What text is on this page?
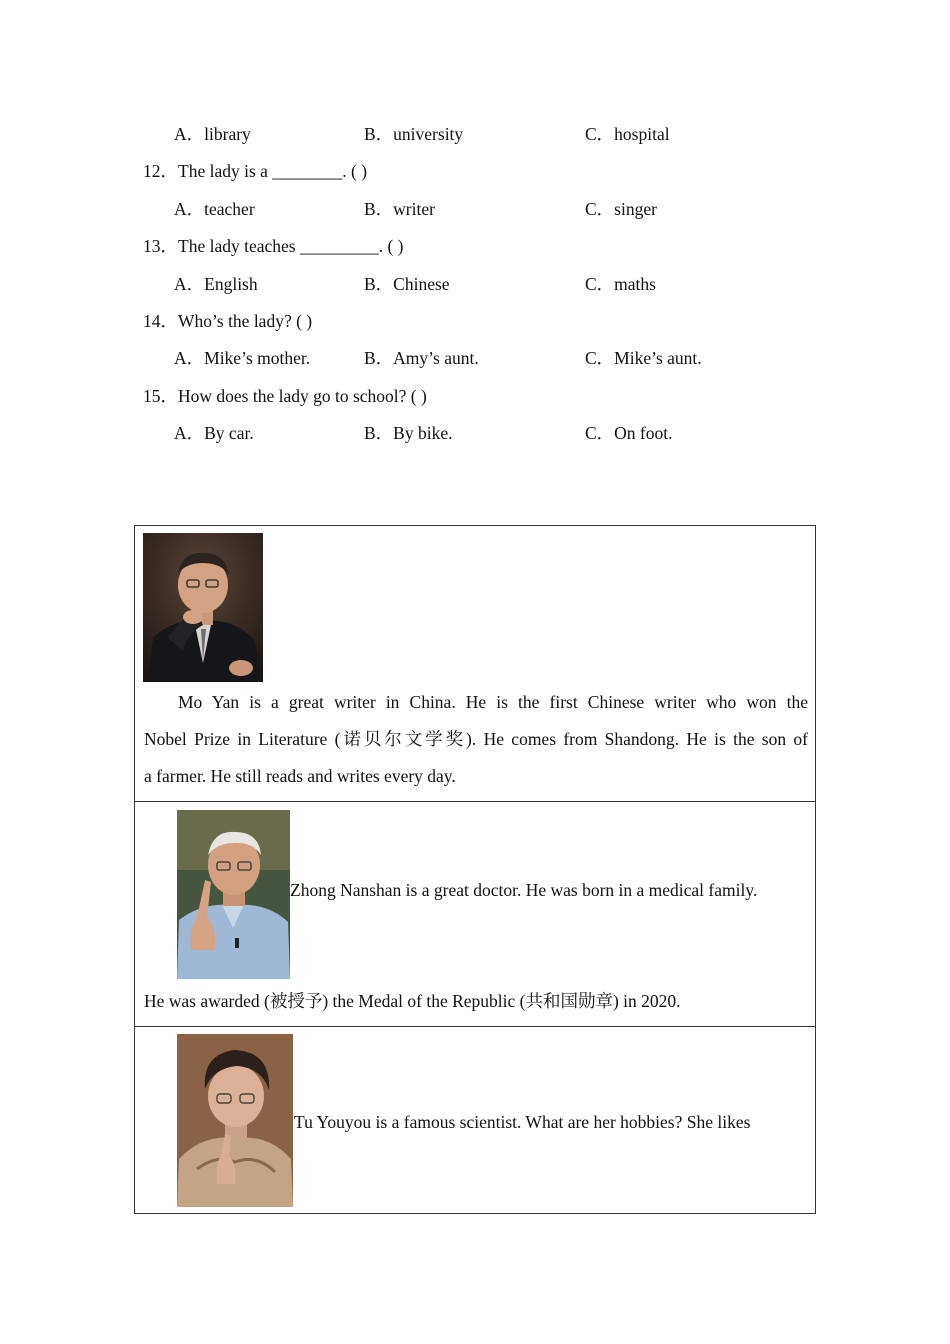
A．library	B．university	C．hospital
12．The lady is a ________. ( )
A．teacher	B．writer	C．singer
13．The lady teaches _________. ( )
A．English	B．Chinese	C．maths
14．Who’s the lady? ( )
A．Mike’s mother.	B．Amy’s aunt.	C．Mike’s aunt.
15．How does the lady go to school? ( )
A．By car.	B．By bike.	C．On foot.
Mo Yan is a great writer in China. He is the first Chinese writer who won the
Nobel Prize in Literature (诺贝尔文学奖). He comes from Shandong. He is the son of
a farmer. He still reads and writes every day.
Zhong Nanshan is a great doctor. He was born in a medical family.
He was awarded (被授予) the Medal of the Republic (共和国勋章) in 2020.
Tu Youyou is a famous scientist. What are her hobbies? She likes
